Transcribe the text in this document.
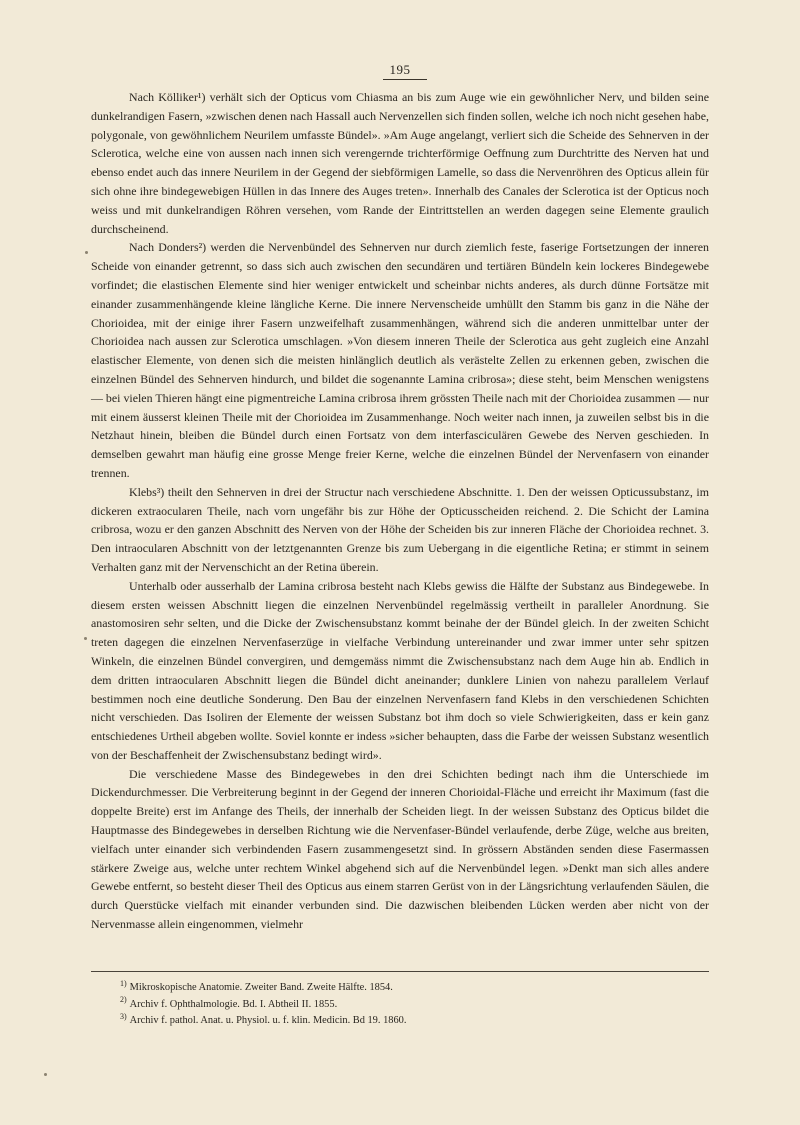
195

Nach Kölliker¹) verhält sich der Opticus vom Chiasma an bis zum Auge wie ein gewöhnlicher Nerv, und bilden seine dunkelrandigen Fasern, »zwischen denen nach Hassall auch Nervenzellen sich finden sollen, welche ich noch nicht gesehen habe, polygonale, von gewöhnlichem Neurilem umfasste Bündel». »Am Auge angelangt, verliert sich die Scheide des Sehnerven in der Sclerotica, welche eine von aussen nach innen sich verengernde trichterförmige Oeffnung zum Durchtritte des Nerven hat und ebenso endet auch das innere Neurilem in der Gegend der siebförmigen Lamelle, so dass die Nervenröhren des Opticus allein für sich ohne ihre bindegewebigen Hüllen in das Innere des Auges treten». Innerhalb des Canales der Sclerotica ist der Opticus noch weiss und mit dunkelrandigen Röhren versehen, vom Rande der Eintrittstellen an werden dagegen seine Elemente graulich durchscheinend.

Nach Donders²) werden die Nervenbündel des Sehnerven nur durch ziemlich feste, faserige Fortsetzungen der inneren Scheide von einander getrennt, so dass sich auch zwischen den secundären und tertiären Bündeln kein lockeres Bindegewebe vorfindet; die elastischen Elemente sind hier weniger entwickelt und scheinbar nichts anderes, als durch dünne Fortsätze mit einander zusammenhängende kleine längliche Kerne. Die innere Nervenscheide umhüllt den Stamm bis ganz in die Nähe der Chorioidea, mit der einige ihrer Fasern unzweifelhaft zusammenhängen, während sich die anderen unmittelbar unter der Chorioidea nach aussen zur Sclerotica umschlagen. »Von diesem inneren Theile der Sclerotica aus geht zugleich eine Anzahl elastischer Elemente, von denen sich die meisten hinlänglich deutlich als verästelte Zellen zu erkennen geben, zwischen die einzelnen Bündel des Sehnerven hindurch, und bildet die sogenannte Lamina cribrosa»; diese steht, beim Menschen wenigstens — bei vielen Thieren hängt eine pigmentreiche Lamina cribrosa ihrem grössten Theile nach mit der Chorioidea zusammen — nur mit einem äusserst kleinen Theile mit der Chorioidea im Zusammenhange. Noch weiter nach innen, ja zuweilen selbst bis in die Netzhaut hinein, bleiben die Bündel durch einen Fortsatz von dem interfasciculären Gewebe des Nerven geschieden. In demselben gewahrt man häufig eine grosse Menge freier Kerne, welche die einzelnen Bündel der Nervenfasern von einander trennen.

Klebs³) theilt den Sehnerven in drei der Structur nach verschiedene Abschnitte. 1. Den der weissen Opticussubstanz, im dickeren extraocularen Theile, nach vorn ungefähr bis zur Höhe der Opticusscheiden reichend. 2. Die Schicht der Lamina cribrosa, wozu er den ganzen Abschnitt des Nerven von der Höhe der Scheiden bis zur inneren Fläche der Chorioidea rechnet. 3. Den intraocularen Abschnitt von der letztgenannten Grenze bis zum Uebergang in die eigentliche Retina; er stimmt in seinem Verhalten ganz mit der Nervenschicht an der Retina überein.

Unterhalb oder ausserhalb der Lamina cribrosa besteht nach Klebs gewiss die Hälfte der Substanz aus Bindegewebe. In diesem ersten weissen Abschnitt liegen die einzelnen Nervenbündel regelmässig vertheilt in paralleler Anordnung. Sie anastomosiren sehr selten, und die Dicke der Zwischensubstanz kommt beinahe der der Bündel gleich. In der zweiten Schicht treten dagegen die einzelnen Nervenfaserzüge in vielfache Verbindung untereinander und zwar immer unter sehr spitzen Winkeln, die einzelnen Bündel convergiren, und demgemäss nimmt die Zwischensubstanz nach dem Auge hin ab. Endlich in dem dritten intraocularen Abschnitt liegen die Bündel dicht aneinander; dunklere Linien von nahezu parallelem Verlauf bestimmen noch eine deutliche Sonderung. Den Bau der einzelnen Nervenfasern fand Klebs in den verschiedenen Schichten nicht verschieden. Das Isoliren der Elemente der weissen Substanz bot ihm doch so viele Schwierigkeiten, dass er kein ganz entschiedenes Urtheil abgeben wollte. Soviel konnte er indess »sicher behaupten, dass die Farbe der weissen Substanz wesentlich von der Beschaffenheit der Zwischensubstanz bedingt wird».

Die verschiedene Masse des Bindegewebes in den drei Schichten bedingt nach ihm die Unterschiede im Dickendurchmesser. Die Verbreiterung beginnt in der Gegend der inneren Chorioidal-Fläche und erreicht ihr Maximum (fast die doppelte Breite) erst im Anfange des Theils, der innerhalb der Scheiden liegt. In der weissen Substanz des Opticus bildet die Hauptmasse des Bindegewebes in derselben Richtung wie die Nervenfaser-Bündel verlaufende, derbe Züge, welche aus breiten, vielfach unter einander sich verbindenden Fasern zusammengesetzt sind. In grössern Abständen senden diese Fasermassen stärkere Zweige aus, welche unter rechtem Winkel abgehend sich auf die Nervenbündel legen. »Denkt man sich alles andere Gewebe entfernt, so besteht dieser Theil des Opticus aus einem starren Gerüst von in der Längsrichtung verlaufenden Säulen, die durch Querstücke vielfach mit einander verbunden sind. Die dazwischen bleibenden Lücken werden aber nicht von der Nervenmasse allein eingenommen, vielmehr

$^{1)}$ Mikroskopische Anatomie. Zweiter Band. Zweite Hälfte. 1854.
$^{2)}$ Archiv f. Ophthalmologie. Bd. I. Abtheil II. 1855.
$^{3)}$ Archiv f. pathol. Anat. u. Physiol. u. f. klin. Medicin. Bd 19. 1860.
